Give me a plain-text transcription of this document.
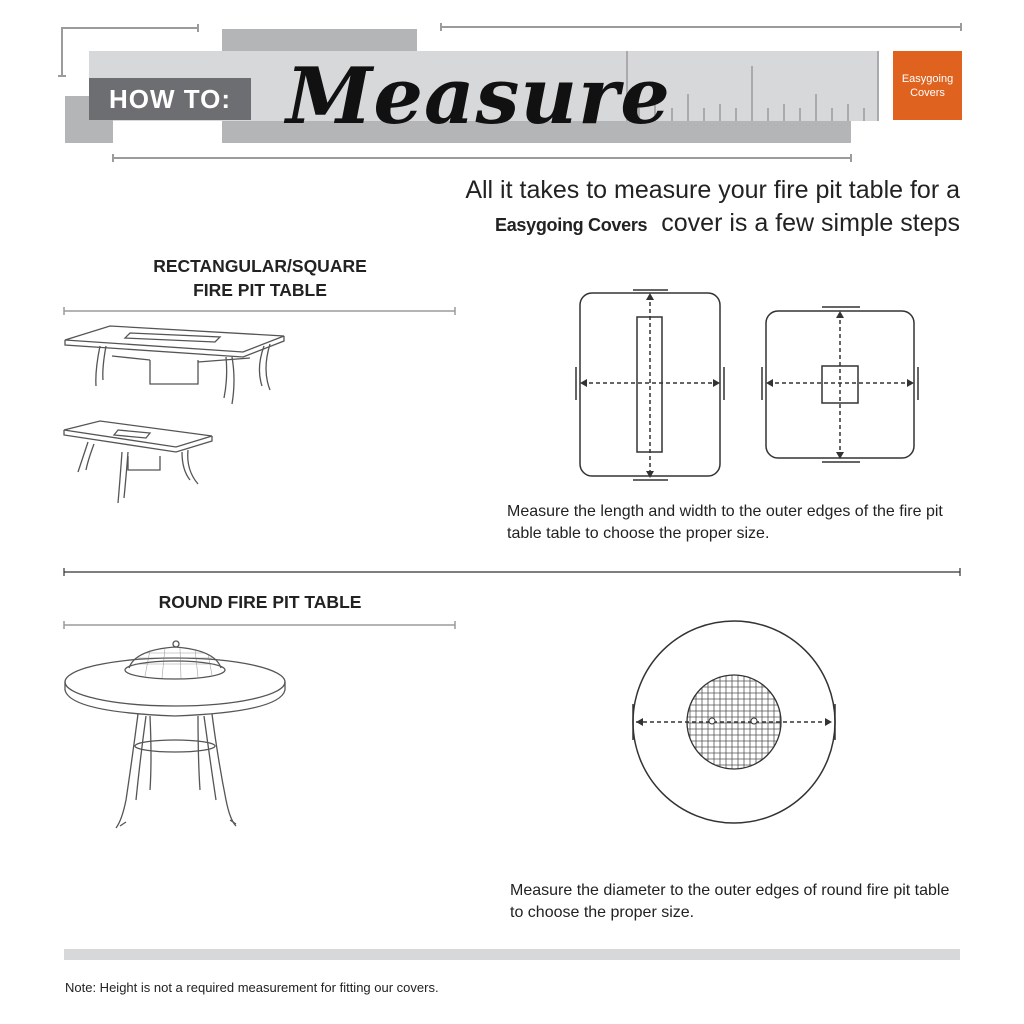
HOW TO: Measure	Easygoing
Covers
All it takes to measure your fire pit table for a
Easygoing Covers cover is a few simple steps
RECTANGULAR/SQUARE
FIRE PIT TABLE
Measure the length and width to the outer edges of the fire pit table table to choose the proper size.
ROUND FIRE PIT TABLE
Measure the diameter to the outer edges of round fire pit table to choose the proper size.
Note: Height is not a required measurement for fitting our covers.
